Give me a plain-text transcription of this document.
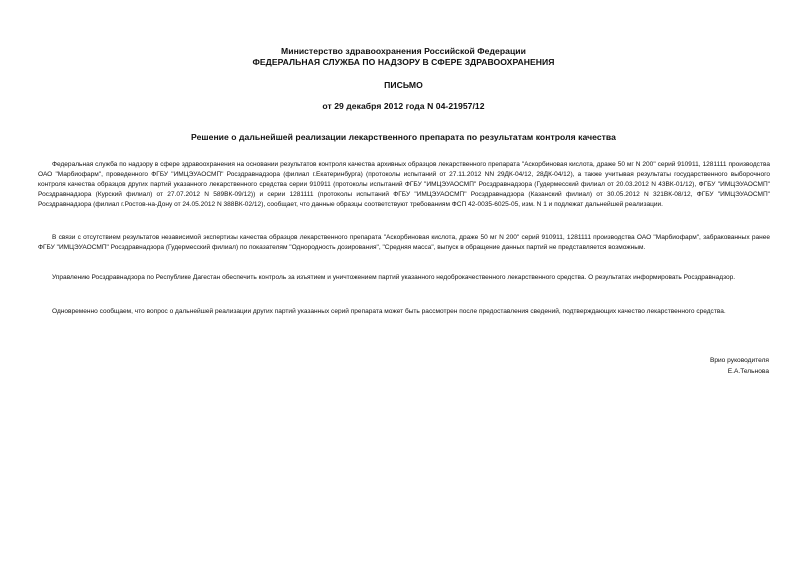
Министерство здравоохранения Российской Федерации
ФЕДЕРАЛЬНАЯ СЛУЖБА ПО НАДЗОРУ В СФЕРЕ ЗДРАВООХРАНЕНИЯ
ПИСЬМО
от 29 декабря 2012 года N 04-21957/12
Решение о дальнейшей реализации лекарственного препарата по результатам контроля качества

Федеральная служба по надзору в сфере здравоохранения на основании результатов контроля качества архивных образцов лекарственного препарата "Аскорбиновая кислота, драже 50 мг N 200" серий 910911, 1281111 производства ОАО "Марбиофарм", проведенного ФГБУ "ИМЦЭУАОСМП" Росздравнадзора (филиал г.Екатеринбурга) (протоколы испытаний от 27.11.2012 NN 29ДК-04/12, 28ДК-04/12), а также учитывая результаты государственного выборочного контроля качества образцов других партий указанного лекарственного средства серии 910911 (протоколы испытаний ФГБУ "ИМЦЭУАОСМП" Росздравнадзора (Гудермесский филиал от 20.03.2012 N 43ВК-01/12), ФГБУ "ИМЦЭУАОСМП" Росздравнадзора (Курский филиал) от 27.07.2012 N 589ВК-09/12)) и серии 1281111 (протоколы испытаний ФГБУ "ИМЦЭУАОСМП" Росздравнадзора (Казанский филиал) от 30.05.2012 N 321ВК-08/12, ФГБУ "ИМЦЭУАОСМП" Росздравнадзора (филиал г.Ростов-на-Дону от 24.05.2012 N 388ВК-02/12), сообщает, что данные образцы соответствуют требованиям ФСП 42-0035-6025-05, изм. N 1 и подлежат дальнейшей реализации.

В связи с отсутствием результатов независимой экспертизы качества образцов лекарственного препарата "Аскорбиновая кислота, драже 50 мг N 200" серий 910911, 1281111 производства ОАО "Марбиофарм", забракованных ранее ФГБУ "ИМЦЭУАОСМП" Росздравнадзора (Гудермесский филиал) по показателям "Однородность дозирования", "Средняя масса", выпуск в обращение данных партий не представляется возможным.

Управлению Росздравнадзора по Республике Дагестан обеспечить контроль за изъятием и уничтожением партий указанного недоброкачественного лекарственного средства. О результатах информировать Росздравнадзор.

Одновременно сообщаем, что вопрос о дальнейшей реализации других партий указанных серий препарата может быть рассмотрен после предоставления сведений, подтверждающих качество лекарственного средства.

Врио руководителя
Е.А.Тельнова
